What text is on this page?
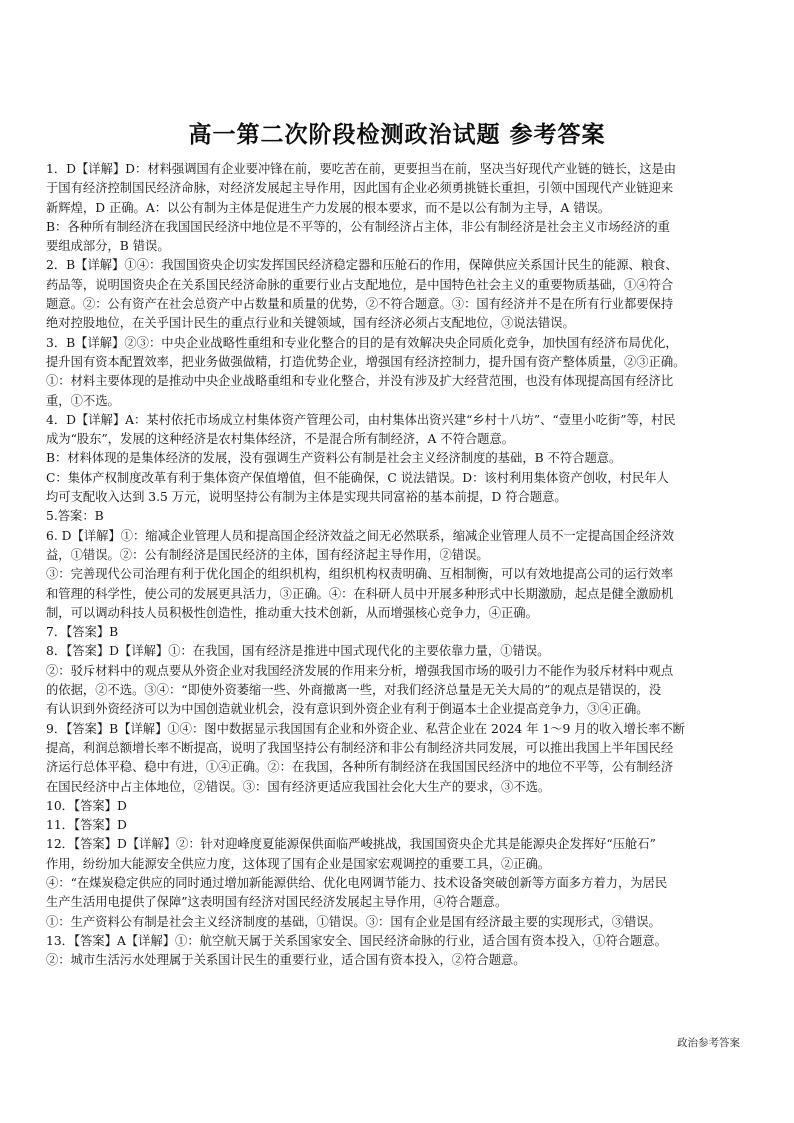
高一第二次阶段检测政治试题 参考答案
1．D【详解】D：材料强调国有企业要冲锋在前，要吃苦在前，更要担当在前，坚决当好现代产业链的链长，这是由
于国有经济控制国民经济命脉，对经济发展起主导作用，因此国有企业必须勇挑链长重担，引领中国现代产业链迎来
新辉煌，D 正确。A：以公有制为主体是促进生产力发展的根本要求，而不是以公有制为主导，A 错误。
B：各种所有制经济在我国国民经济中地位是不平等的，公有制经济占主体，非公有制经济是社会主义市场经济的重
要组成部分，B 错误。
2．B【详解】①④：我国国资央企切实发挥国民经济稳定器和压舱石的作用，保障供应关系国计民生的能源、粮食、
药品等，说明国资央企在关系国民经济命脉的重要行业占支配地位，是中国特色社会主义的重要物质基础，①④符合
题意。②：公有资产在社会总资产中占数量和质量的优势，②不符合题意。③：国有经济并不是在所有行业都要保持
绝对控股地位，在关乎国计民生的重点行业和关键领域，国有经济必须占支配地位，③说法错误。
3．B【详解】②③：中央企业战略性重组和专业化整合的目的是有效解决央企同质化竞争，加快国有经济布局优化，
提升国有资本配置效率，把业务做强做精，打造优势企业，增强国有经济控制力，提升国有资产整体质量，②③正确。
①：材料主要体现的是推动中央企业战略重组和专业化整合，并没有涉及扩大经营范围，也没有体现提高国有经济比
重，①不选。
4．D【详解】A：某村依托市场成立村集体资产管理公司，由村集体出资兴建“乡村十八坊”、“壹里小吃街”等，村民
成为“股东”，发展的这种经济是农村集体经济，不是混合所有制经济，A 不符合题意。
B：材料体现的是集体经济的发展，没有强调生产资料公有制是社会主义经济制度的基础，B 不符合题意。
C：集体产权制度改革有利于集体资产保值增值，但不能确保，C 说法错误。D：该村利用集体资产创收，村民年人
均可支配收入达到 3.5 万元，说明坚持公有制为主体是实现共同富裕的基本前提，D 符合题意。
5.答案：B
6. D【详解】①：缩减企业管理人员和提高国企经济效益之间无必然联系，缩减企业管理人员不一定提高国企经济效
益，①错误。②：公有制经济是国民经济的主体，国有经济起主导作用，②错误。
③：完善现代公司治理有利于优化国企的组织机构，组织机构权责明确、互相制衡，可以有效地提高公司的运行效率
和管理的科学性，使公司的发展更具活力，③正确。④：在科研人员中开展多种形式中长期激励，起点是健全激励机
制，可以调动科技人员积极性创造性，推动重大技术创新，从而增强核心竞争力，④正确。
7．【答案】B
8．【答案】D【详解】①：在我国，国有经济是推进中国式现代化的主要依靠力量，①错误。
②：驳斥材料中的观点要从外资企业对我国经济发展的作用来分析，增强我国市场的吸引力不能作为驳斥材料中观点
的依据，②不选。③④：“即使外资萎缩一些、外商撤离一些，对我们经济总量是无关大局的”的观点是错误的，没
有认识到外资经济可以为中国创造就业机会，没有意识到外资企业有利于倒逼本土企业提高竞争力，③④正确。
9．【答案】B【详解】①④：图中数据显示我国国有企业和外资企业、私营企业在 2024 年 1～9 月的收入增长率不断
提高，利润总额增长率不断提高，说明了我国坚持公有制经济和非公有制经济共同发展，可以推出我国上半年国民经
济运行总体平稳、稳中有进，①④正确。②：在我国，各种所有制经济在我国国民经济中的地位不平等，公有制经济
在国民经济中占主体地位，②错误。③：国有经济更适应我国社会化大生产的要求，③不选。
10．【答案】D
11．【答案】D
12．【答案】D【详解】②：针对迎峰度夏能源保供面临严峻挑战，我国国资央企尤其是能源央企发挥好“压舱石”
作用，纷纷加大能源安全供应力度，这体现了国有企业是国家宏观调控的重要工具，②正确。
④：“在煤炭稳定供应的同时通过增加新能源供给、优化电网调节能力、技术设备突破创新等方面多方着力，为居民
生产生活用电提供了保障”这表明国有经济对国民经济发展起主导作用，④符合题意。
①：生产资料公有制是社会主义经济制度的基础，①错误。③：国有企业是国有经济最主要的实现形式，③错误。
13．【答案】A【详解】①：航空航天属于关系国家安全、国民经济命脉的行业，适合国有资本投入，①符合题意。
②：城市生活污水处理属于关系国计民生的重要行业，适合国有资本投入，②符合题意。
政治参考答案
